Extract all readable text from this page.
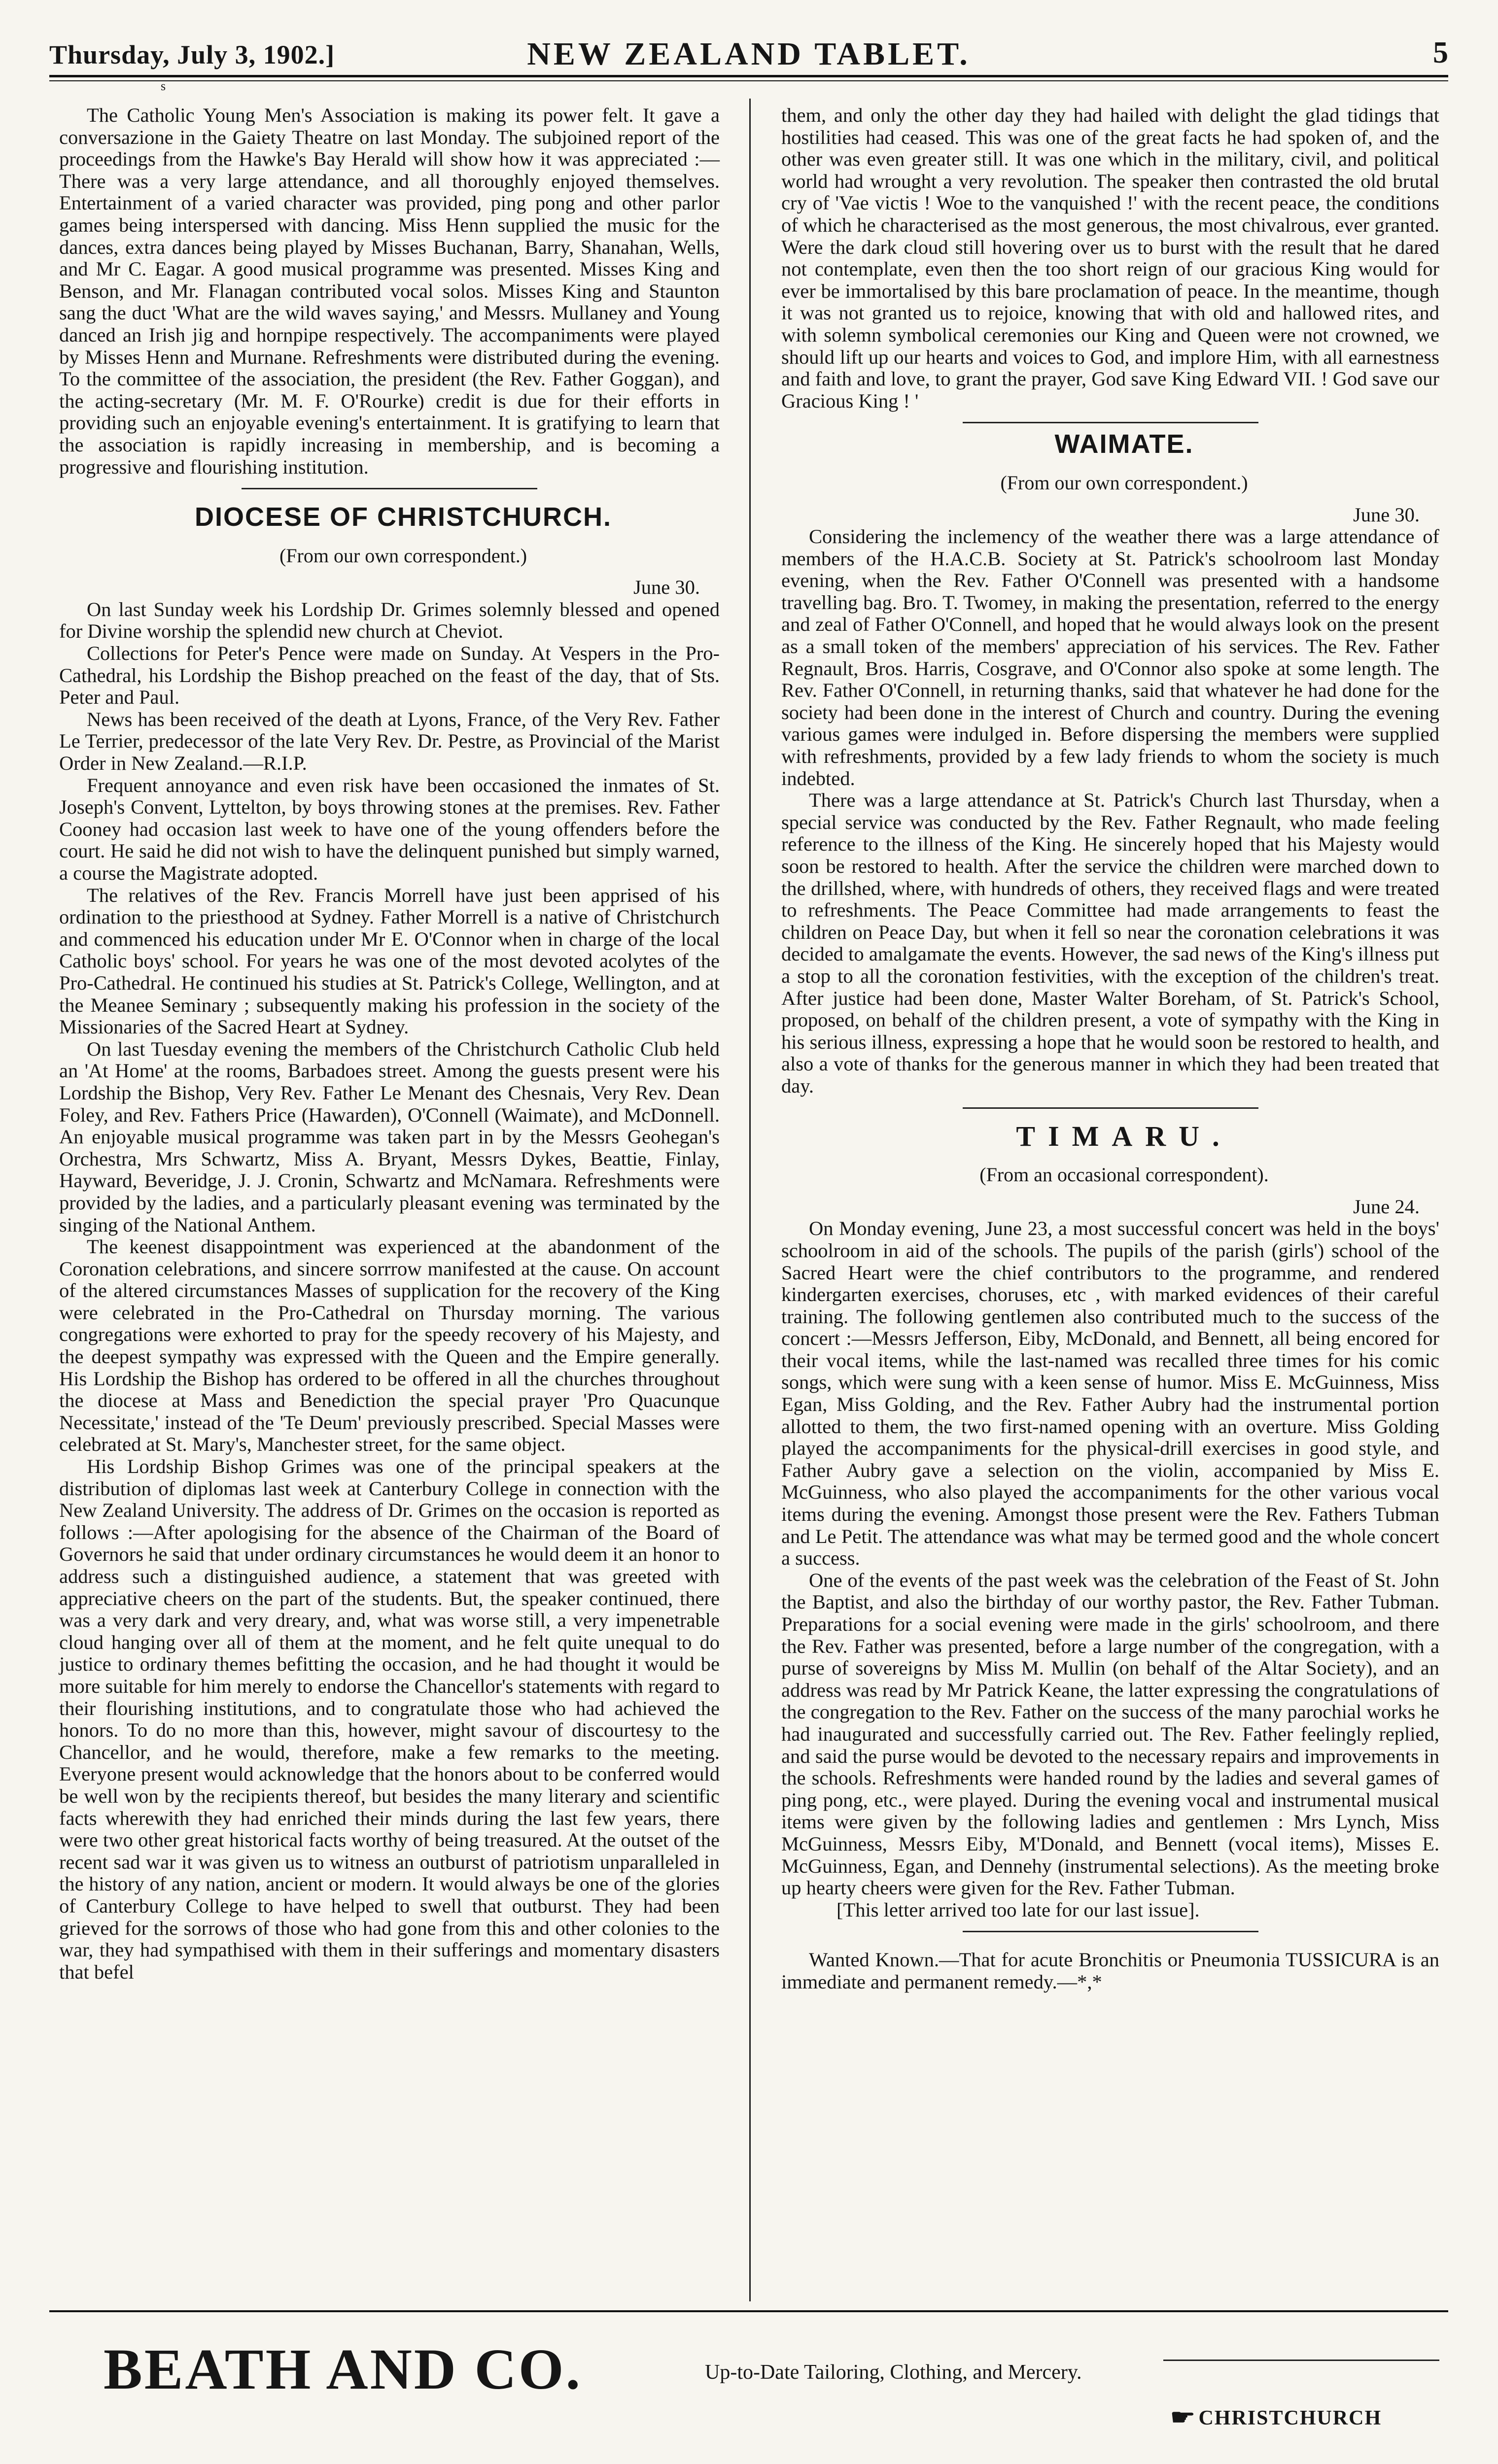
Thursday, July 3, 1902.]	NEW ZEALAND TABLET.	5
s

The Catholic Young Men's Association is making its power felt. It gave a conversazione in the Gaiety Theatre on last Monday. The subjoined report of the proceedings from the Hawke's Bay Herald will show how it was appreciated :—There was a very large attendance, and all thoroughly enjoyed themselves. Entertainment of a varied character was provided, ping pong and other parlor games being interspersed with dancing. Miss Henn supplied the music for the dances, extra dances being played by Misses Buchanan, Barry, Shanahan, Wells, and Mr C. Eagar. A good musical programme was presented. Misses King and Benson, and Mr. Flanagan contributed vocal solos. Misses King and Staunton sang the duct 'What are the wild waves saying,' and Messrs. Mullaney and Young danced an Irish jig and hornpipe respectively. The accompaniments were played by Misses Henn and Murnane. Refreshments were distributed during the evening. To the committee of the association, the president (the Rev. Father Goggan), and the acting-secretary (Mr. M. F. O'Rourke) credit is due for their efforts in providing such an enjoyable evening's entertainment. It is gratifying to learn that the association is rapidly increasing in membership, and is becoming a progressive and flourishing institution.

DIOCESE OF CHRISTCHURCH.

(From our own correspondent.)

June 30.

On last Sunday week his Lordship Dr. Grimes solemnly blessed and opened for Divine worship the splendid new church at Cheviot.

Collections for Peter's Pence were made on Sunday. At Vespers in the Pro-Cathedral, his Lordship the Bishop preached on the feast of the day, that of Sts. Peter and Paul.

News has been received of the death at Lyons, France, of the Very Rev. Father Le Terrier, predecessor of the late Very Rev. Dr. Pestre, as Provincial of the Marist Order in New Zealand.—R.I.P.

Frequent annoyance and even risk have been occasioned the inmates of St. Joseph's Convent, Lyttelton, by boys throwing stones at the premises. Rev. Father Cooney had occasion last week to have one of the young offenders before the court. He said he did not wish to have the delinquent punished but simply warned, a course the Magistrate adopted.

The relatives of the Rev. Francis Morrell have just been apprised of his ordination to the priesthood at Sydney. Father Morrell is a native of Christchurch and commenced his education under Mr E. O'Connor when in charge of the local Catholic boys' school. For years he was one of the most devoted acolytes of the Pro-Cathedral. He continued his studies at St. Patrick's College, Wellington, and at the Meanee Seminary ; subsequently making his profession in the society of the Missionaries of the Sacred Heart at Sydney.

On last Tuesday evening the members of the Christchurch Catholic Club held an 'At Home' at the rooms, Barbadoes street. Among the guests present were his Lordship the Bishop, Very Rev. Father Le Menant des Chesnais, Very Rev. Dean Foley, and Rev. Fathers Price (Hawarden), O'Connell (Waimate), and McDonnell. An enjoyable musical programme was taken part in by the Messrs Geohegan's Orchestra, Mrs Schwartz, Miss A. Bryant, Messrs Dykes, Beattie, Finlay, Hayward, Beveridge, J. J. Cronin, Schwartz and McNamara. Refreshments were provided by the ladies, and a particularly pleasant evening was terminated by the singing of the National Anthem.

The keenest disappointment was experienced at the abandonment of the Coronation celebrations, and sincere sorrrow manifested at the cause. On account of the altered circumstances Masses of supplication for the recovery of the King were celebrated in the Pro-Cathedral on Thursday morning. The various congregations were exhorted to pray for the speedy recovery of his Majesty, and the deepest sympathy was expressed with the Queen and the Empire generally. His Lordship the Bishop has ordered to be offered in all the churches throughout the diocese at Mass and Benediction the special prayer 'Pro Quacunque Necessitate,' instead of the 'Te Deum' previously prescribed. Special Masses were celebrated at St. Mary's, Manchester street, for the same object.

His Lordship Bishop Grimes was one of the principal speakers at the distribution of diplomas last week at Canterbury College in connection with the New Zealand University. The address of Dr. Grimes on the occasion is reported as follows :—After apologising for the absence of the Chairman of the Board of Governors he said that under ordinary circumstances he would deem it an honor to address such a distinguished audience, a statement that was greeted with appreciative cheers on the part of the students. But, the speaker continued, there was a very dark and very dreary, and, what was worse still, a very impenetrable cloud hanging over all of them at the moment, and he felt quite unequal to do justice to ordinary themes befitting the occasion, and he had thought it would be more suitable for him merely to endorse the Chancellor's statements with regard to their flourishing institutions, and to congratulate those who had achieved the honors. To do no more than this, however, might savour of discourtesy to the Chancellor, and he would, therefore, make a few remarks to the meeting. Everyone present would acknowledge that the honors about to be conferred would be well won by the recipients thereof, but besides the many literary and scientific facts wherewith they had enriched their minds during the last few years, there were two other great historical facts worthy of being treasured. At the outset of the recent sad war it was given us to witness an outburst of patriotism unparalleled in the history of any nation, ancient or modern. It would always be one of the glories of Canterbury College to have helped to swell that outburst. They had been grieved for the sorrows of those who had gone from this and other colonies to the war, they had sympathised with them in their sufferings and momentary disasters that befel

them, and only the other day they had hailed with delight the glad tidings that hostilities had ceased. This was one of the great facts he had spoken of, and the other was even greater still. It was one which in the military, civil, and political world had wrought a very revolution. The speaker then contrasted the old brutal cry of 'Vae victis ! Woe to the vanquished !' with the recent peace, the conditions of which he characterised as the most generous, the most chivalrous, ever granted. Were the dark cloud still hovering over us to burst with the result that he dared not contemplate, even then the too short reign of our gracious King would for ever be immortalised by this bare proclamation of peace. In the meantime, though it was not granted us to rejoice, knowing that with old and hallowed rites, and with solemn symbolical ceremonies our King and Queen were not crowned, we should lift up our hearts and voices to God, and implore Him, with all earnestness and faith and love, to grant the prayer, God save King Edward VII. ! God save our Gracious King ! '

WAIMATE.

(From our own correspondent.)

June 30.

Considering the inclemency of the weather there was a large attendance of members of the H.A.C.B. Society at St. Patrick's schoolroom last Monday evening, when the Rev. Father O'Connell was presented with a handsome travelling bag. Bro. T. Twomey, in making the presentation, referred to the energy and zeal of Father O'Connell, and hoped that he would always look on the present as a small token of the members' appreciation of his services. The Rev. Father Regnault, Bros. Harris, Cosgrave, and O'Connor also spoke at some length. The Rev. Father O'Connell, in returning thanks, said that whatever he had done for the society had been done in the interest of Church and country. During the evening various games were indulged in. Before dispersing the members were supplied with refreshments, provided by a few lady friends to whom the society is much indebted.

There was a large attendance at St. Patrick's Church last Thursday, when a special service was conducted by the Rev. Father Regnault, who made feeling reference to the illness of the King. He sincerely hoped that his Majesty would soon be restored to health. After the service the children were marched down to the drillshed, where, with hundreds of others, they received flags and were treated to refreshments. The Peace Committee had made arrangements to feast the children on Peace Day, but when it fell so near the coronation celebrations it was decided to amalgamate the events. However, the sad news of the King's illness put a stop to all the coronation festivities, with the exception of the children's treat. After justice had been done, Master Walter Boreham, of St. Patrick's School, proposed, on behalf of the children present, a vote of sympathy with the King in his serious illness, expressing a hope that he would soon be restored to health, and also a vote of thanks for the generous manner in which they had been treated that day.

TIMARU.

(From an occasional correspondent).

June 24.

On Monday evening, June 23, a most successful concert was held in the boys' schoolroom in aid of the schools. The pupils of the parish (girls') school of the Sacred Heart were the chief contributors to the programme, and rendered kindergarten exercises, choruses, etc , with marked evidences of their careful training. The following gentlemen also contributed much to the success of the concert :—Messrs Jefferson, Eiby, McDonald, and Bennett, all being encored for their vocal items, while the last-named was recalled three times for his comic songs, which were sung with a keen sense of humor. Miss E. McGuinness, Miss Egan, Miss Golding, and the Rev. Father Aubry had the instrumental portion allotted to them, the two first-named opening with an overture. Miss Golding played the accompaniments for the physical-drill exercises in good style, and Father Aubry gave a selection on the violin, accompanied by Miss E. McGuinness, who also played the accompaniments for the other various vocal items during the evening. Amongst those present were the Rev. Fathers Tubman and Le Petit. The attendance was what may be termed good and the whole concert a success.

One of the events of the past week was the celebration of the Feast of St. John the Baptist, and also the birthday of our worthy pastor, the Rev. Father Tubman. Preparations for a social evening were made in the girls' schoolroom, and there the Rev. Father was presented, before a large number of the congregation, with a purse of sovereigns by Miss M. Mullin (on behalf of the Altar Society), and an address was read by Mr Patrick Keane, the latter expressing the congratulations of the congregation to the Rev. Father on the success of the many parochial works he had inaugurated and successfully carried out. The Rev. Father feelingly replied, and said the purse would be devoted to the necessary repairs and improvements in the schools. Refreshments were handed round by the ladies and several games of ping pong, etc., were played. During the evening vocal and instrumental musical items were given by the following ladies and gentlemen : Mrs Lynch, Miss McGuinness, Messrs Eiby, M'Donald, and Bennett (vocal items), Misses E. McGuinness, Egan, and Dennehy (instrumental selections). As the meeting broke up hearty cheers were given for the Rev. Father Tubman.

[This letter arrived too late for our last issue].

Wanted Known.—That for acute Bronchitis or Pneumonia TUSSICURA is an immediate and permanent remedy.—*,*

BEATH AND CO.	Up-to-Date Tailoring, Clothing, and Mercery.
☛CHRISTCHURCH
